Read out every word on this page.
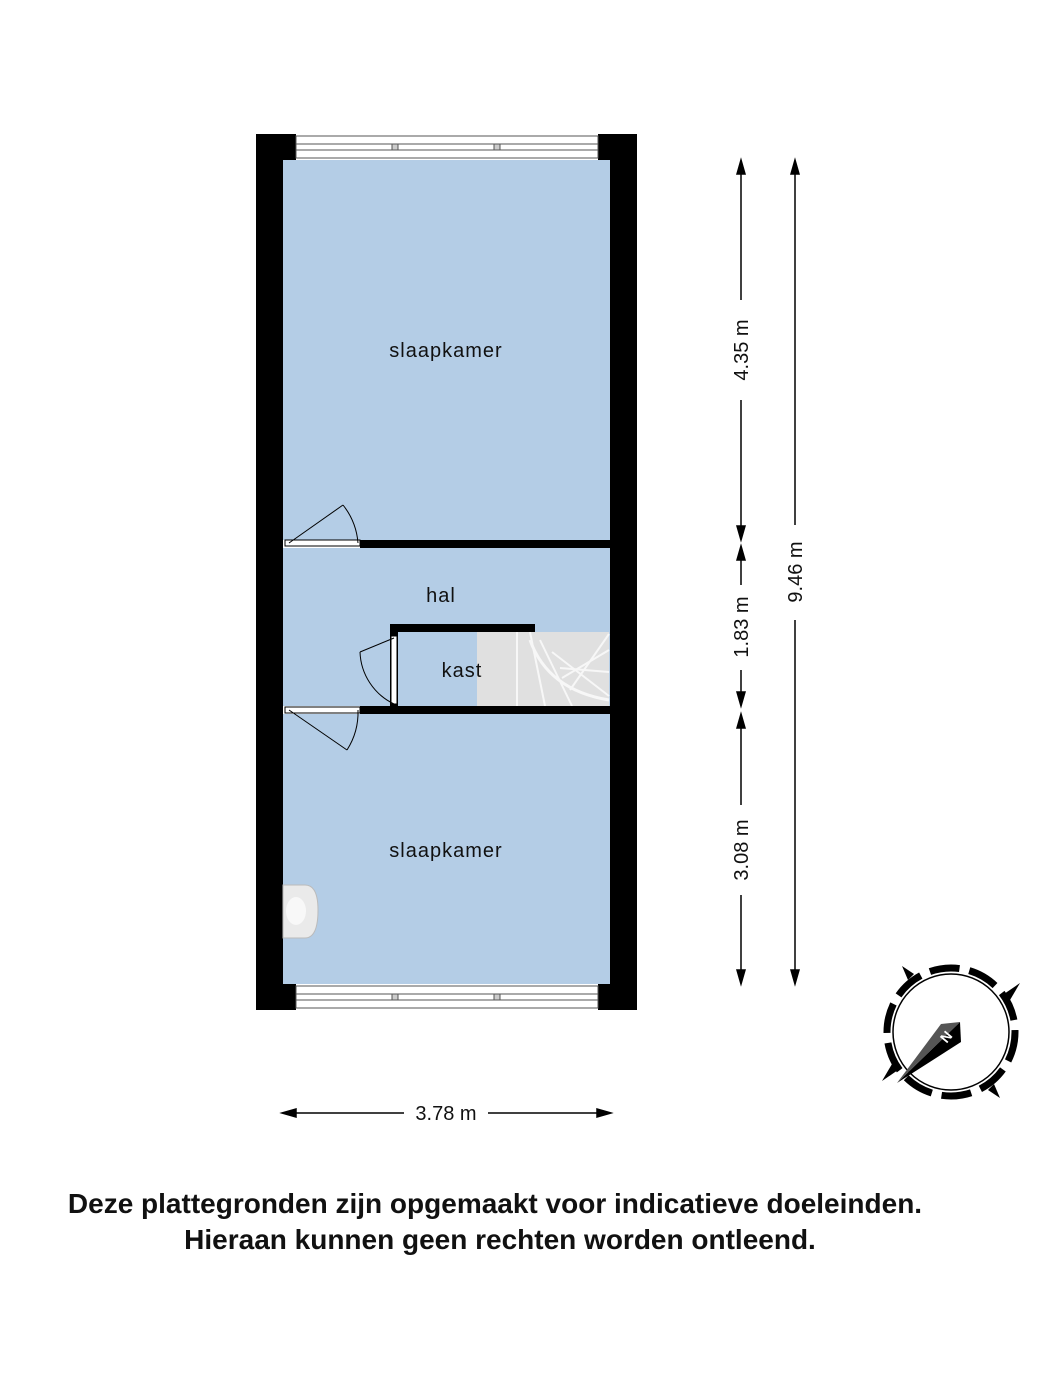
slaapkamer
hal
kast
slaapkamer
4.35 m
1.83 m
3.08 m
9.46 m
3.78 m
N
Deze plattegronden zijn opgemaakt voor indicatieve doeleinden.
Hieraan kunnen geen rechten worden ontleend.
